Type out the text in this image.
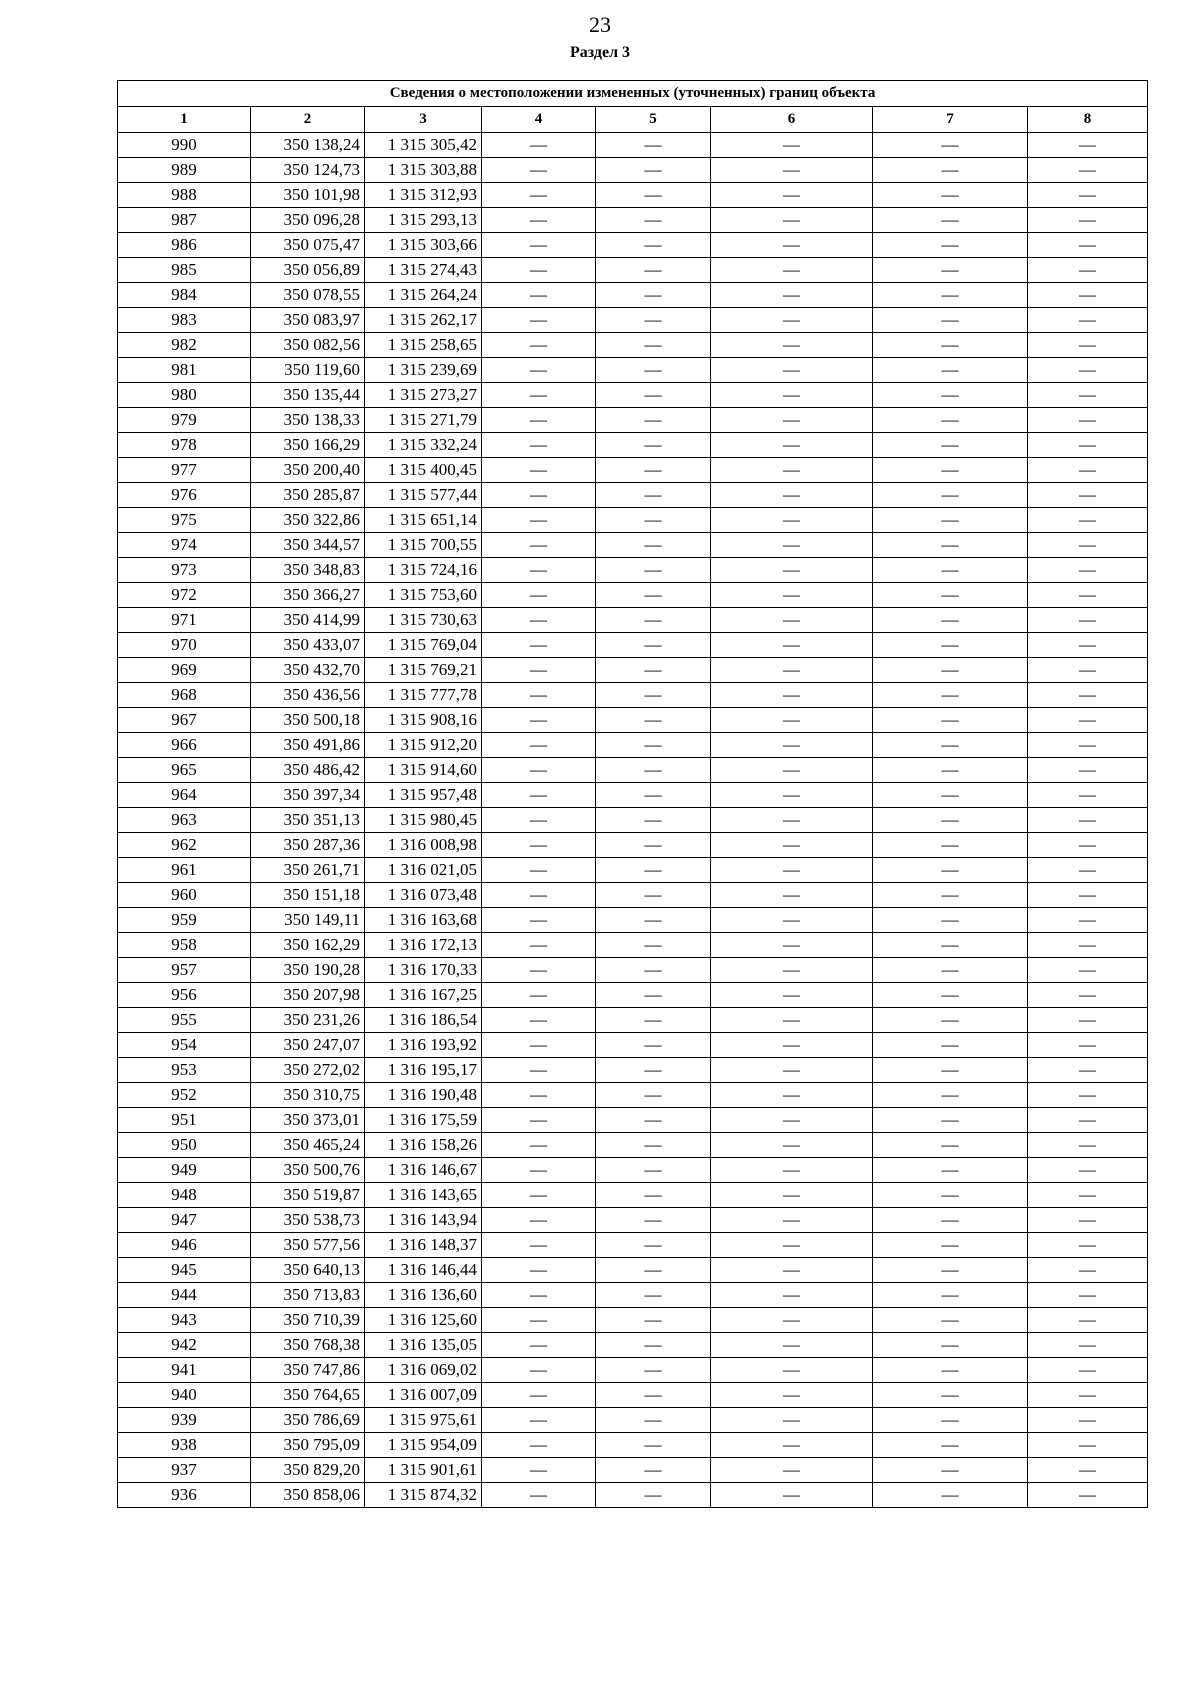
23
Раздел 3
Сведения о местоположении измененных (уточненных) границ объекта							
1	2	3	4	5	6	7	8
990	350 138,24	1 315 305,42	—	—	—	—	—
989	350 124,73	1 315 303,88	—	—	—	—	—
988	350 101,98	1 315 312,93	—	—	—	—	—
987	350 096,28	1 315 293,13	—	—	—	—	—
986	350 075,47	1 315 303,66	—	—	—	—	—
985	350 056,89	1 315 274,43	—	—	—	—	—
984	350 078,55	1 315 264,24	—	—	—	—	—
983	350 083,97	1 315 262,17	—	—	—	—	—
982	350 082,56	1 315 258,65	—	—	—	—	—
981	350 119,60	1 315 239,69	—	—	—	—	—
980	350 135,44	1 315 273,27	—	—	—	—	—
979	350 138,33	1 315 271,79	—	—	—	—	—
978	350 166,29	1 315 332,24	—	—	—	—	—
977	350 200,40	1 315 400,45	—	—	—	—	—
976	350 285,87	1 315 577,44	—	—	—	—	—
975	350 322,86	1 315 651,14	—	—	—	—	—
974	350 344,57	1 315 700,55	—	—	—	—	—
973	350 348,83	1 315 724,16	—	—	—	—	—
972	350 366,27	1 315 753,60	—	—	—	—	—
971	350 414,99	1 315 730,63	—	—	—	—	—
970	350 433,07	1 315 769,04	—	—	—	—	—
969	350 432,70	1 315 769,21	—	—	—	—	—
968	350 436,56	1 315 777,78	—	—	—	—	—
967	350 500,18	1 315 908,16	—	—	—	—	—
966	350 491,86	1 315 912,20	—	—	—	—	—
965	350 486,42	1 315 914,60	—	—	—	—	—
964	350 397,34	1 315 957,48	—	—	—	—	—
963	350 351,13	1 315 980,45	—	—	—	—	—
962	350 287,36	1 316 008,98	—	—	—	—	—
961	350 261,71	1 316 021,05	—	—	—	—	—
960	350 151,18	1 316 073,48	—	—	—	—	—
959	350 149,11	1 316 163,68	—	—	—	—	—
958	350 162,29	1 316 172,13	—	—	—	—	—
957	350 190,28	1 316 170,33	—	—	—	—	—
956	350 207,98	1 316 167,25	—	—	—	—	—
955	350 231,26	1 316 186,54	—	—	—	—	—
954	350 247,07	1 316 193,92	—	—	—	—	—
953	350 272,02	1 316 195,17	—	—	—	—	—
952	350 310,75	1 316 190,48	—	—	—	—	—
951	350 373,01	1 316 175,59	—	—	—	—	—
950	350 465,24	1 316 158,26	—	—	—	—	—
949	350 500,76	1 316 146,67	—	—	—	—	—
948	350 519,87	1 316 143,65	—	—	—	—	—
947	350 538,73	1 316 143,94	—	—	—	—	—
946	350 577,56	1 316 148,37	—	—	—	—	—
945	350 640,13	1 316 146,44	—	—	—	—	—
944	350 713,83	1 316 136,60	—	—	—	—	—
943	350 710,39	1 316 125,60	—	—	—	—	—
942	350 768,38	1 316 135,05	—	—	—	—	—
941	350 747,86	1 316 069,02	—	—	—	—	—
940	350 764,65	1 316 007,09	—	—	—	—	—
939	350 786,69	1 315 975,61	—	—	—	—	—
938	350 795,09	1 315 954,09	—	—	—	—	—
937	350 829,20	1 315 901,61	—	—	—	—	—
936	350 858,06	1 315 874,32	—	—	—	—	—
